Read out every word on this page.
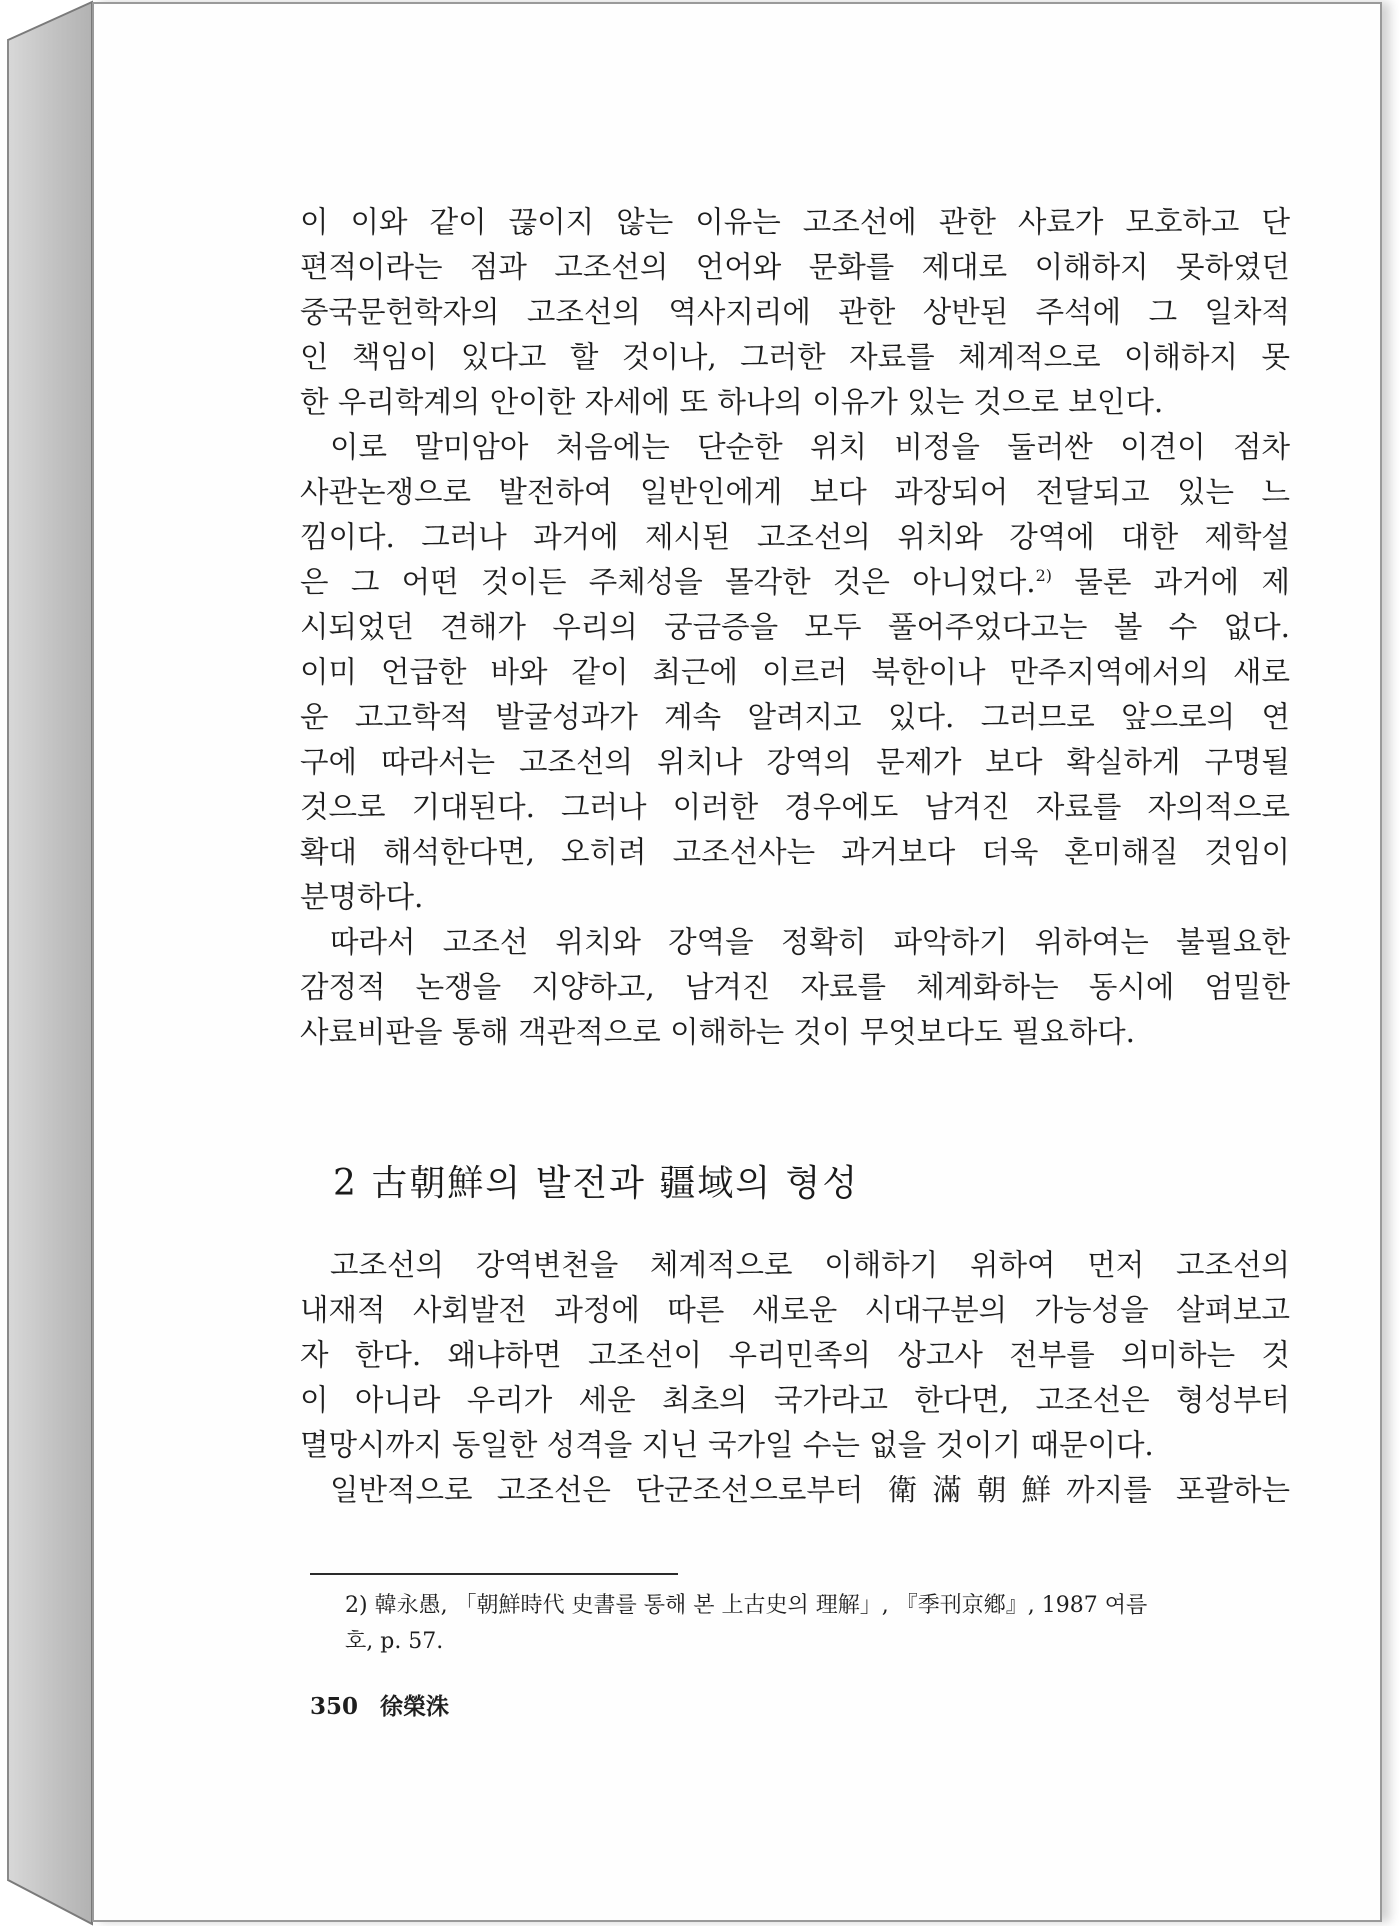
이 이와 같이 끊이지 않는 이유는 고조선에 관한 사료가 모호하고 단
편적이라는 점과 고조선의 언어와 문화를 제대로 이해하지 못하였던
중국문헌학자의 고조선의 역사지리에 관한 상반된 주석에 그 일차적
인 책임이 있다고 할 것이나, 그러한 자료를 체계적으로 이해하지 못
한 우리학계의 안이한 자세에 또 하나의 이유가 있는 것으로 보인다.
이로 말미암아 처음에는 단순한 위치 비정을 둘러싼 이견이 점차
사관논쟁으로 발전하여 일반인에게 보다 과장되어 전달되고 있는 느
낌이다. 그러나 과거에 제시된 고조선의 위치와 강역에 대한 제학설
은 그 어떤 것이든 주체성을 몰각한 것은 아니었다.$^{2)}$ 물론 과거에 제
시되었던 견해가 우리의 궁금증을 모두 풀어주었다고는 볼 수 없다.
이미 언급한 바와 같이 최근에 이르러 북한이나 만주지역에서의 새로
운 고고학적 발굴성과가 계속 알려지고 있다. 그러므로 앞으로의 연
구에 따라서는 고조선의 위치나 강역의 문제가 보다 확실하게 구명될
것으로 기대된다. 그러나 이러한 경우에도 남겨진 자료를 자의적으로
확대 해석한다면, 오히려 고조선사는 과거보다 더욱 혼미해질 것임이
분명하다.
따라서 고조선 위치와 강역을 정확히 파악하기 위하여는 불필요한
감정적 논쟁을 지양하고, 남겨진 자료를 체계화하는 동시에 엄밀한
사료비판을 통해 객관적으로 이해하는 것이 무엇보다도 필요하다.
2 古朝鮮의 발전과 疆域의 형성
고조선의 강역변천을 체계적으로 이해하기 위하여 먼저 고조선의
내재적 사회발전 과정에 따른 새로운 시대구분의 가능성을 살펴보고
자 한다. 왜냐하면 고조선이 우리민족의 상고사 전부를 의미하는 것
이 아니라 우리가 세운 최초의 국가라고 한다면, 고조선은 형성부터
멸망시까지 동일한 성격을 지닌 국가일 수는 없을 것이기 때문이다.
일반적으로 고조선은 단군조선으로부터 衛滿朝鮮까지를 포괄하는
2) 韓永愚, 「朝鮮時代 史書를 통해 본 上古史의 理解」, 『季刊京鄕』, 1987 여름
호, p. 57.
350 徐榮洙
